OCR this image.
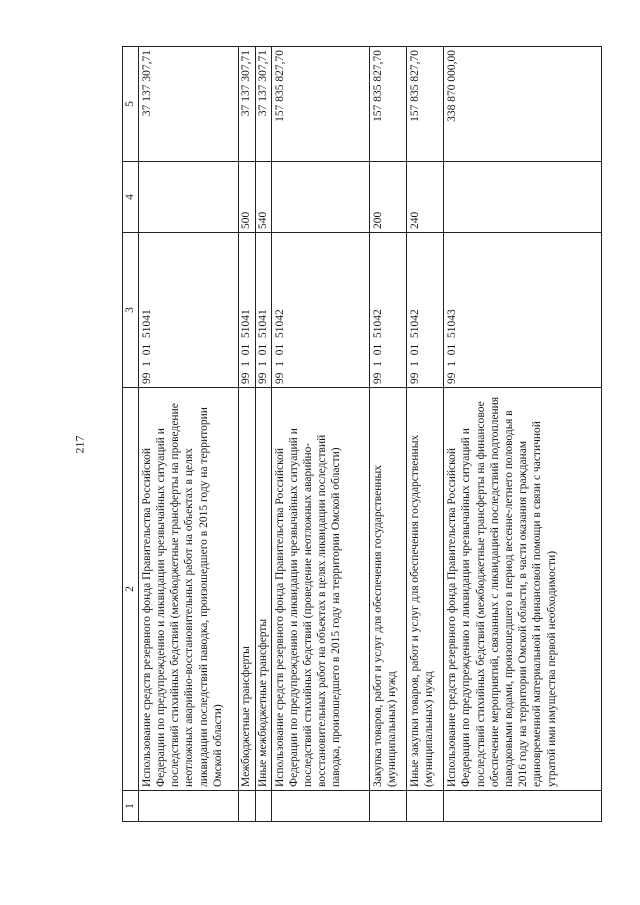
217
1	2	3	4	5
	Использование средств резервного фонда Правительства Российской Федерации по предупреждению и ликвидации чрезвычайных ситуаций и последствий стихийных бедствий (межбюджетные трансферты на проведение неотложных аварийно-восстановительных работ на объектах в целях ликвидации последствий паводка, произошедшего в 2015 году на территории Омской области)	99  1  01  51041		37 137 307,71
	Межбюджетные трансферты	99  1  01  51041	500	37 137 307,71
	Иные межбюджетные трансферты	99  1  01  51041	540	37 137 307,71
	Использование средств резервного фонда Правительства Российской Федерации по предупреждению и ликвидации чрезвычайных ситуаций и последствий стихийных бедствий (проведение неотложных аварийно-восстановительных работ на объектах в целях ликвидации последствий паводка, произошедшего в 2015 году на территории Омской области)	99  1  01  51042		157 835 827,70
	Закупка товаров, работ и услуг для обеспечения государственных (муниципальных) нужд	99  1  01  51042	200	157 835 827,70
	Иные закупки товаров, работ и услуг для обеспечения государственных (муниципальных) нужд	99  1  01  51042	240	157 835 827,70
	Использование средств резервного фонда Правительства Российской Федерации по предупреждению и ликвидации чрезвычайных ситуаций и последствий стихийных бедствий (межбюджетные трансферты на финансовое обеспечение мероприятий, связанных с ликвидацией последствий подтопления паводковыми водами, произошедшего в период весенне-летнего половодья в 2016 году на территории Омской области, в части оказания гражданам единовременной материальной и финансовой помощи в связи с частичной утратой ими имущества первой необходимости)	99  1  01  51043		338 870 000,00
